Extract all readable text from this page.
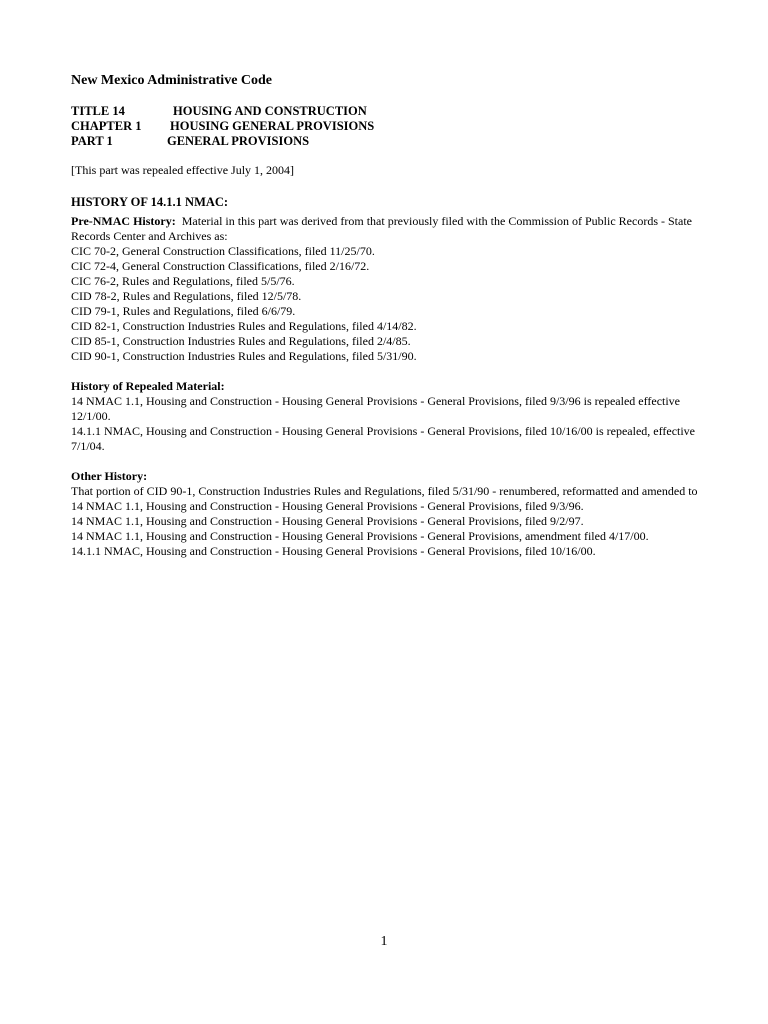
New Mexico Administrative Code
TITLE 14	HOUSING AND CONSTRUCTION
CHAPTER 1	HOUSING GENERAL PROVISIONS
PART 1	GENERAL PROVISIONS
[This part was repealed effective July 1, 2004]
HISTORY OF 14.1.1 NMAC:
Pre-NMAC History: Material in this part was derived from that previously filed with the Commission of Public Records - State Records Center and Archives as:
CIC 70-2, General Construction Classifications, filed 11/25/70.
CIC 72-4, General Construction Classifications, filed 2/16/72.
CIC 76-2, Rules and Regulations, filed 5/5/76.
CID 78-2, Rules and Regulations, filed 12/5/78.
CID 79-1, Rules and Regulations, filed 6/6/79.
CID 82-1, Construction Industries Rules and Regulations, filed 4/14/82.
CID 85-1, Construction Industries Rules and Regulations, filed 2/4/85.
CID 90-1, Construction Industries Rules and Regulations, filed 5/31/90.
History of Repealed Material:
14 NMAC 1.1, Housing and Construction - Housing General Provisions - General Provisions, filed 9/3/96 is repealed effective 12/1/00.
14.1.1 NMAC, Housing and Construction - Housing General Provisions - General Provisions, filed 10/16/00 is repealed, effective 7/1/04.
Other History:
That portion of CID 90-1, Construction Industries Rules and Regulations, filed 5/31/90 - renumbered, reformatted and amended to 14 NMAC 1.1, Housing and Construction - Housing General Provisions - General Provisions, filed 9/3/96.
14 NMAC 1.1, Housing and Construction - Housing General Provisions - General Provisions, filed 9/2/97.
14 NMAC 1.1, Housing and Construction - Housing General Provisions - General Provisions, amendment filed 4/17/00.
14.1.1 NMAC, Housing and Construction - Housing General Provisions - General Provisions, filed 10/16/00.
1
